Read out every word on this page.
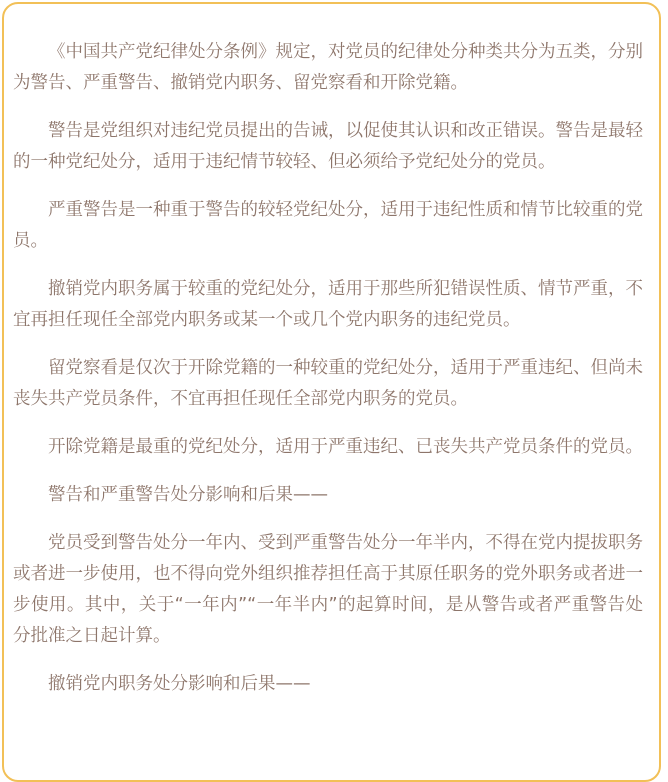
《中国共产党纪律处分条例》规定，对党员的纪律处分种类共分为五类，分别为警告、严重警告、撤销党内职务、留党察看和开除党籍。

警告是党组织对违纪党员提出的告诫，以促使其认识和改正错误。警告是最轻的一种党纪处分，适用于违纪情节较轻、但必须给予党纪处分的党员。

严重警告是一种重于警告的较轻党纪处分，适用于违纪性质和情节比较重的党员。

撤销党内职务属于较重的党纪处分，适用于那些所犯错误性质、情节严重，不宜再担任现任全部党内职务或某一个或几个党内职务的违纪党员。

留党察看是仅次于开除党籍的一种较重的党纪处分，适用于严重违纪、但尚未丧失共产党员条件，不宜再担任现任全部党内职务的党员。

开除党籍是最重的党纪处分，适用于严重违纪、已丧失共产党员条件的党员。

警告和严重警告处分影响和后果——

党员受到警告处分一年内、受到严重警告处分一年半内，不得在党内提拔职务或者进一步使用，也不得向党外组织推荐担任高于其原任职务的党外职务或者进一步使用。其中，关于“一年内”“一年半内”的起算时间，是从警告或者严重警告处分批准之日起计算。

撤销党内职务处分影响和后果——
